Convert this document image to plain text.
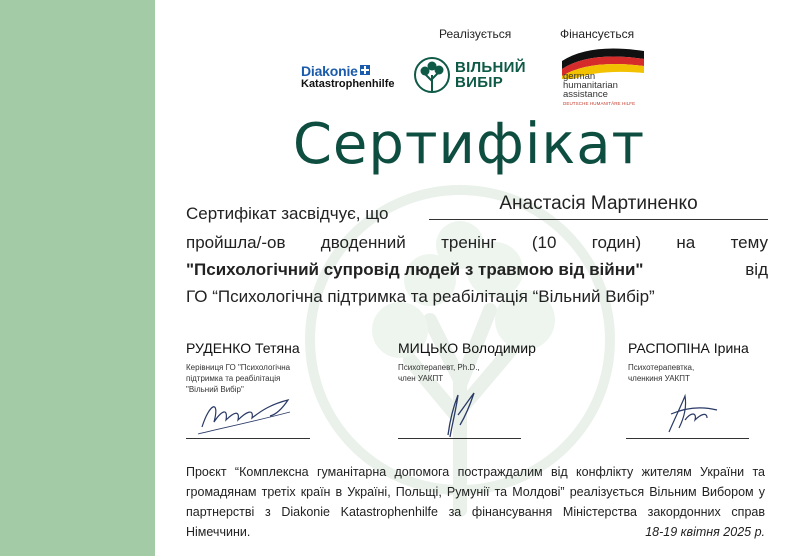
Diakonie
Katastrophenhilfe
Реалізується
ВІЛЬНИЙ
ВИБІР
Фінансується
german
humanitarian
assistance
DEUTSCHE HUMANITÄRE HILFE
Сертифікат
Сертифікат засвідчує, що	Анастасія Мартиненко
пройшла/-ов дводенний тренінг (10 годин) на тему
"Психологічний супровід людей з травмою від війни"	від
ГО “Психологічна підтримка та реабілітація “Вільний Вибір”
РУДЕНКО Тетяна
Керівниця ГО "Психологічна
підтримка та реабілітація
"Вільний Вибір"
МИЦЬКО Володимир
Психотерапевт, Ph.D.,
член УАКПТ
РАСПОПІНА Ірина
Психотерапевтка,
членкиня УАКПТ
Проєкт “Комплексна гуманітарна допомога постраждалим від конфлікту жителям України та громадянам третіх країн в Україні, Польщі, Румунії та Молдові” реалізується Вільним Вибором у партнерстві з Diakonie Katastrophenhilfe за фінансування Міністерства закордонних справ Німеччини.	18-19 квітня 2025 р.
